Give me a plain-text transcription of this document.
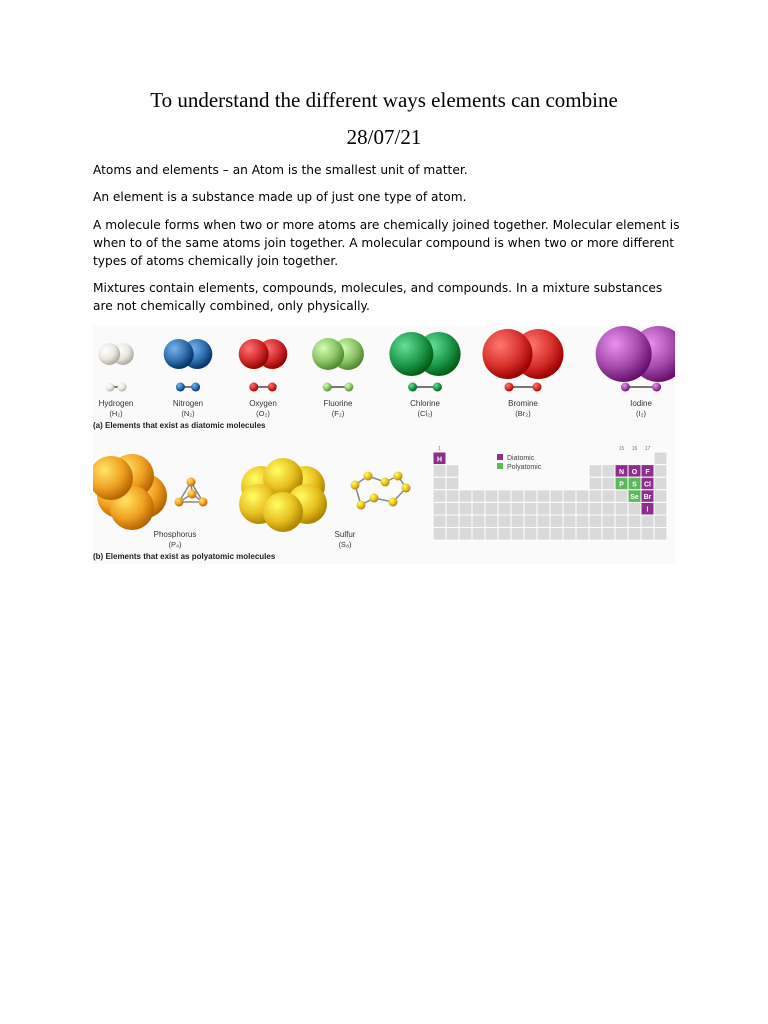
To understand the different ways elements can combine
28/07/21

Atoms and elements – an Atom is the smallest unit of matter.

An element is a substance made up of just one type of atom.

A molecule forms when two or more atoms are chemically joined together. Molecular element is when to of the same atoms join together. A molecular compound is when two or more different types of atoms chemically join together.

Mixtures contain elements, compounds, molecules, and compounds. In a mixture substances are not chemically combined, only physically.

Hydrogen
(H₂)
Nitrogen
(N₂)
Oxygen
(O₂)
Fluorine
(F₂)
Chlorine
(Cl₂)
Bromine
(Br₂)
Iodine
(I₂)
(a) Elements that exist as diatomic molecules
Phosphorus
(P₄)
Sulfur
(S₈)
(b) Elements that exist as polyatomic molecules
H
N O F
P S Cl
Se Br
I
1	15 16 17
Diatomic
Polyatomic
